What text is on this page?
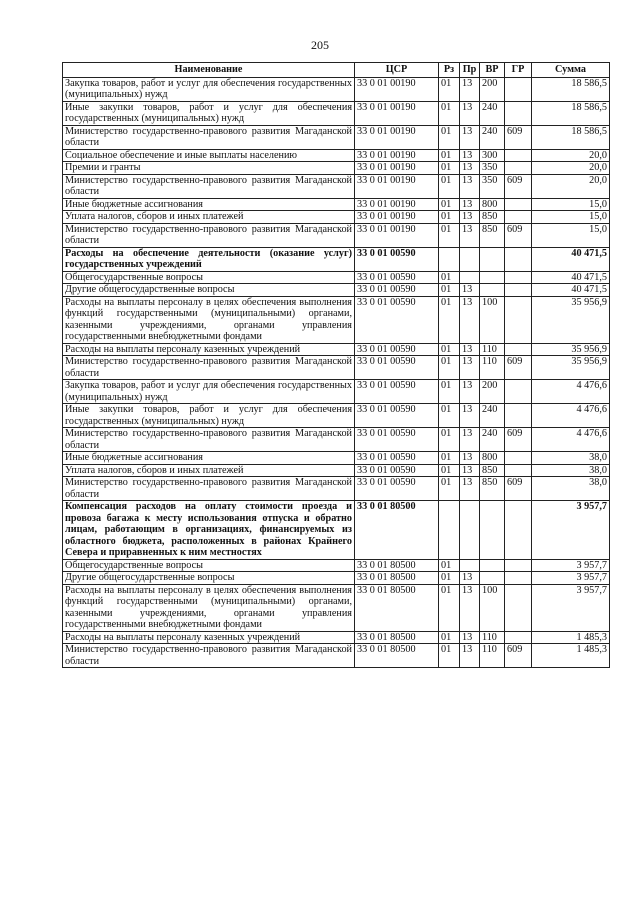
205
Наименование	ЦСР	Рз	Пр	ВР	ГР	Сумма
Закупка товаров, работ и услуг для обеспечения государственных (муниципальных) нужд	33 0 01 00190	01	13	200		18 586,5
Иные закупки товаров, работ и услуг для обеспечения государственных (муниципальных) нужд	33 0 01 00190	01	13	240		18 586,5
Министерство государственно-правового развития Магаданской области	33 0 01 00190	01	13	240	609	18 586,5
Социальное обеспечение и иные выплаты населению	33 0 01 00190	01	13	300		20,0
Премии и гранты	33 0 01 00190	01	13	350		20,0
Министерство государственно-правового развития Магаданской области	33 0 01 00190	01	13	350	609	20,0
Иные бюджетные ассигнования	33 0 01 00190	01	13	800		15,0
Уплата налогов, сборов и иных платежей	33 0 01 00190	01	13	850		15,0
Министерство государственно-правового развития Магаданской области	33 0 01 00190	01	13	850	609	15,0
Расходы на обеспечение деятельности (оказание услуг) государственных учреждений	33 0 01 00590					40 471,5
Общегосударственные вопросы	33 0 01 00590	01				40 471,5
Другие общегосударственные вопросы	33 0 01 00590	01	13			40 471,5
Расходы на выплаты персоналу в целях обеспечения выполнения функций государственными (муниципальными) органами, казенными учреждениями, органами управления государственными внебюджетными фондами	33 0 01 00590	01	13	100		35 956,9
Расходы на выплаты персоналу казенных учреждений	33 0 01 00590	01	13	110		35 956,9
Министерство государственно-правового развития Магаданской области	33 0 01 00590	01	13	110	609	35 956,9
Закупка товаров, работ и услуг для обеспечения государственных (муниципальных) нужд	33 0 01 00590	01	13	200		4 476,6
Иные закупки товаров, работ и услуг для обеспечения государственных (муниципальных) нужд	33 0 01 00590	01	13	240		4 476,6
Министерство государственно-правового развития Магаданской области	33 0 01 00590	01	13	240	609	4 476,6
Иные бюджетные ассигнования	33 0 01 00590	01	13	800		38,0
Уплата налогов, сборов и иных платежей	33 0 01 00590	01	13	850		38,0
Министерство государственно-правового развития Магаданской области	33 0 01 00590	01	13	850	609	38,0
Компенсация расходов на оплату стоимости проезда и провоза багажа к месту использования отпуска и обратно лицам, работающим в организациях, финансируемых из областного бюджета, расположенных в районах Крайнего Севера и приравненных к ним местностях	33 0 01 80500					3 957,7
Общегосударственные вопросы	33 0 01 80500	01				3 957,7
Другие общегосударственные вопросы	33 0 01 80500	01	13			3 957,7
Расходы на выплаты персоналу в целях обеспечения выполнения функций государственными (муниципальными) органами, казенными учреждениями, органами управления государственными внебюджетными фондами	33 0 01 80500	01	13	100		3 957,7
Расходы на выплаты персоналу казенных учреждений	33 0 01 80500	01	13	110		1 485,3
Министерство государственно-правового развития Магаданской области	33 0 01 80500	01	13	110	609	1 485,3
